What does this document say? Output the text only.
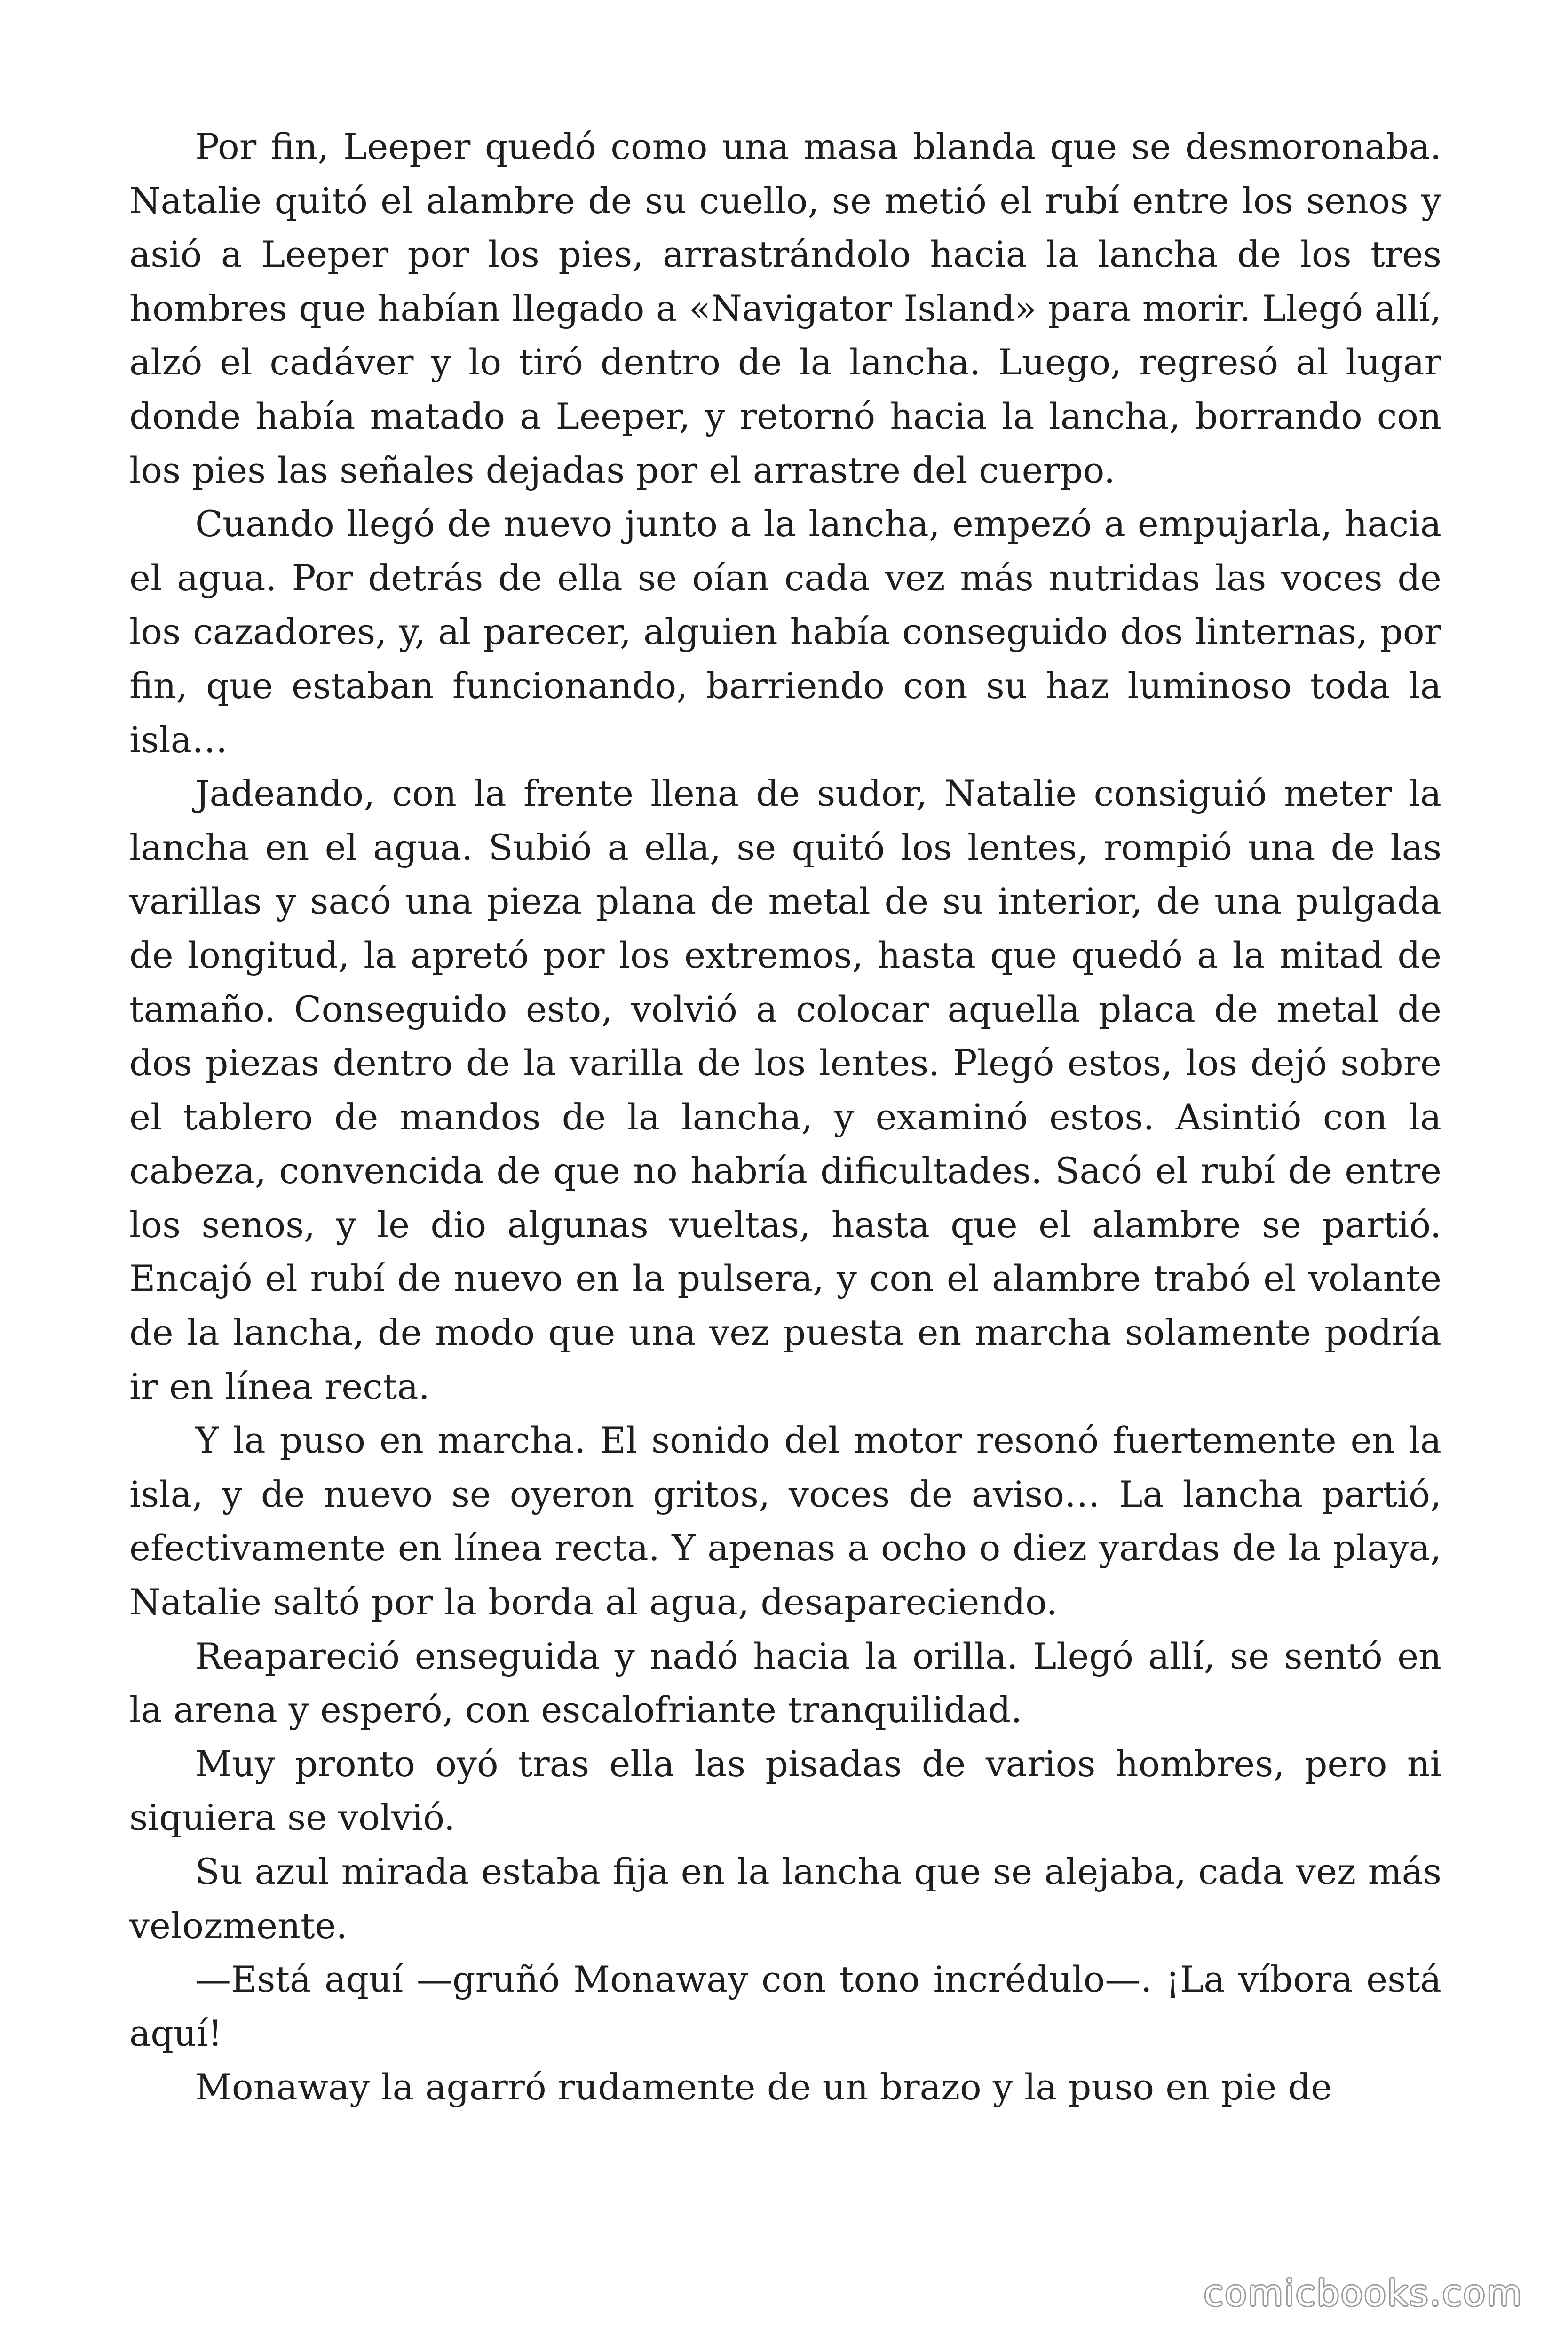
Por fin, Leeper quedó como una masa blanda que se desmoronaba. Natalie quitó el alambre de su cuello, se metió el rubí entre los senos y asió a Leeper por los pies, arrastrándolo hacia la lancha de los tres hombres que habían llegado a «Navigator Island» para morir. Llegó allí, alzó el cadáver y lo tiró dentro de la lancha. Luego, regresó al lugar donde había matado a Leeper, y retornó hacia la lancha, borrando con los pies las señales dejadas por el arrastre del cuerpo.

Cuando llegó de nuevo junto a la lancha, empezó a empujarla, hacia el agua. Por detrás de ella se oían cada vez más nutridas las voces de los cazadores, y, al parecer, alguien había conseguido dos linternas, por fin, que estaban funcionando, barriendo con su haz luminoso toda la isla…

Jadeando, con la frente llena de sudor, Natalie consiguió meter la lancha en el agua. Subió a ella, se quitó los lentes, rompió una de las varillas y sacó una pieza plana de metal de su interior, de una pulgada de longitud, la apretó por los extremos, hasta que quedó a la mitad de tamaño. Conseguido esto, volvió a colocar aquella placa de metal de dos piezas dentro de la varilla de los lentes. Plegó estos, los dejó sobre el tablero de mandos de la lancha, y examinó estos. Asintió con la cabeza, convencida de que no habría dificultades. Sacó el rubí de entre los senos, y le dio algunas vueltas, hasta que el alambre se partió. Encajó el rubí de nuevo en la pulsera, y con el alambre trabó el volante de la lancha, de modo que una vez puesta en marcha solamente podría ir en línea recta.

Y la puso en marcha. El sonido del motor resonó fuertemente en la isla, y de nuevo se oyeron gritos, voces de aviso… La lancha partió, efectivamente en línea recta. Y apenas a ocho o diez yardas de la playa, Natalie saltó por la borda al agua, desapareciendo.

Reapareció enseguida y nadó hacia la orilla. Llegó allí, se sentó en la arena y esperó, con escalofriante tranquilidad.

Muy pronto oyó tras ella las pisadas de varios hombres, pero ni siquiera se volvió.

Su azul mirada estaba fija en la lancha que se alejaba, cada vez más velozmente.

—Está aquí —gruñó Monaway con tono incrédulo—. ¡La víbora está aquí!

Monaway la agarró rudamente de un brazo y la puso en pie de

comicbooks.com
